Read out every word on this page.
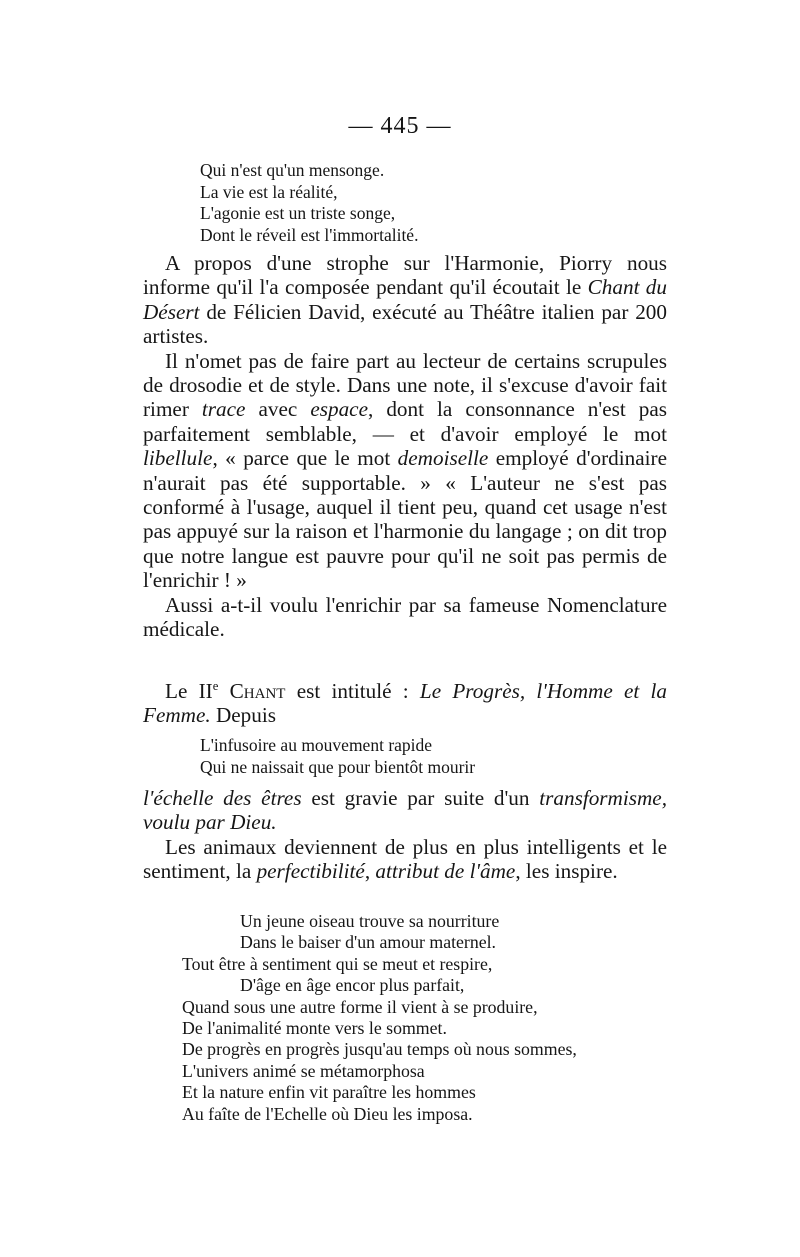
— 445 —
Qui n'est qu'un mensonge.
La vie est la réalité,
L'agonie est un triste songe,
Dont le réveil est l'immortalité.

A propos d'une strophe sur l'Harmonie, Piorry nous informe qu'il l'a composée pendant qu'il écoutait le Chant du Désert de Félicien David, exécuté au Théâtre italien par 200 artistes.

Il n'omet pas de faire part au lecteur de certains scrupules de drosodie et de style. Dans une note, il s'excuse d'avoir fait rimer trace avec espace, dont la consonnance n'est pas parfaitement semblable, — et d'avoir employé le mot libellule, « parce que le mot demoiselle employé d'ordinaire n'aurait pas été supportable. » « L'auteur ne s'est pas conformé à l'usage, auquel il tient peu, quand cet usage n'est pas appuyé sur la raison et l'harmonie du langage ; on dit trop que notre langue est pauvre pour qu'il ne soit pas permis de l'enrichir ! »

Aussi a-t-il voulu l'enrichir par sa fameuse Nomenclature médicale.

Le IIe Chant est intitulé : Le Progrès, l'Homme et la Femme. Depuis

L'infusoire au mouvement rapide
Qui ne naissait que pour bientôt mourir

l'échelle des êtres est gravie par suite d'un transformisme, voulu par Dieu.

Les animaux deviennent de plus en plus intelligents et le sentiment, la perfectibilité, attribut de l'âme, les inspire.

Un jeune oiseau trouve sa nourriture
Dans le baiser d'un amour maternel.
Tout être à sentiment qui se meut et respire,
D'âge en âge encor plus parfait,
Quand sous une autre forme il vient à se produire,
De l'animalité monte vers le sommet.
De progrès en progrès jusqu'au temps où nous sommes,
L'univers animé se métamorphosa
Et la nature enfin vit paraître les hommes
Au faîte de l'Echelle où Dieu les imposa.
